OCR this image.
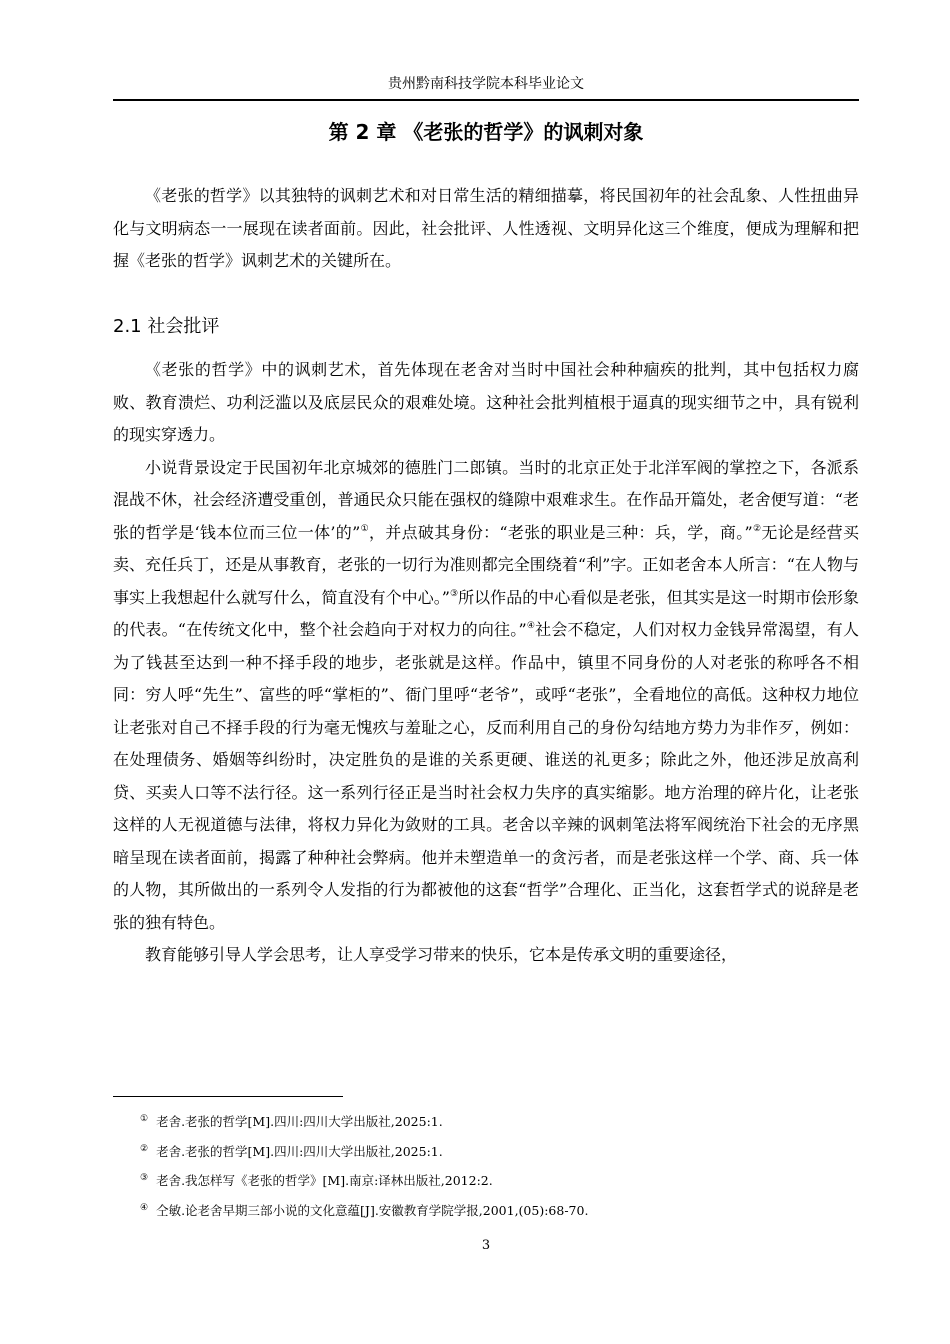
贵州黔南科技学院本科毕业论文
第 2 章 《老张的哲学》的讽刺对象

《老张的哲学》以其独特的讽刺艺术和对日常生活的精细描摹，将民国初年的社会乱象、人性扭曲异化与文明病态一一展现在读者面前。因此，社会批评、人性透视、文明异化这三个维度，便成为理解和把握《老张的哲学》讽刺艺术的关键所在。

2.1 社会批评

《老张的哲学》中的讽刺艺术，首先体现在老舍对当时中国社会种种痼疾的批判，其中包括权力腐败、教育溃烂、功利泛滥以及底层民众的艰难处境。这种社会批判植根于逼真的现实细节之中，具有锐利的现实穿透力。

小说背景设定于民国初年北京城郊的德胜门二郎镇。当时的北京正处于北洋军阀的掌控之下，各派系混战不休，社会经济遭受重创，普通民众只能在强权的缝隙中艰难求生。在作品开篇处，老舍便写道：“老张的哲学是‘钱本位而三位一体’的”①，并点破其身份：“老张的职业是三种：兵，学，商。”②无论是经营买卖、充任兵丁，还是从事教育，老张的一切行为准则都完全围绕着“利”字。正如老舍本人所言：“在人物与事实上我想起什么就写什么，简直没有个中心。”③所以作品的中心看似是老张，但其实是这一时期市侩形象的代表。“在传统文化中，整个社会趋向于对权力的向往。”④社会不稳定，人们对权力金钱异常渴望，有人为了钱甚至达到一种不择手段的地步，老张就是这样。作品中，镇里不同身份的人对老张的称呼各不相同：穷人呼“先生”、富些的呼“掌柜的”、衙门里呼“老爷”，或呼“老张”，全看地位的高低。这种权力地位让老张对自己不择手段的行为毫无愧疚与羞耻之心，反而利用自己的身份勾结地方势力为非作歹，例如：在处理债务、婚姻等纠纷时，决定胜负的是谁的关系更硬、谁送的礼更多；除此之外，他还涉足放高利贷、买卖人口等不法行径。这一系列行径正是当时社会权力失序的真实缩影。地方治理的碎片化，让老张这样的人无视道德与法律，将权力异化为敛财的工具。老舍以辛辣的讽刺笔法将军阀统治下社会的无序黑暗呈现在读者面前，揭露了种种社会弊病。他并未塑造单一的贪污者，而是老张这样一个学、商、兵一体的人物，其所做出的一系列令人发指的行为都被他的这套“哲学”合理化、正当化，这套哲学式的说辞是老张的独有特色。

教育能够引导人学会思考，让人享受学习带来的快乐，它本是传承文明的重要途径，

① 老舍.老张的哲学[M].四川:四川大学出版社,2025:1.
② 老舍.老张的哲学[M].四川:四川大学出版社,2025:1.
③ 老舍.我怎样写《老张的哲学》[M].南京:译林出版社,2012:2.
④ 仝敏.论老舍早期三部小说的文化意蕴[J].安徽教育学院学报,2001,(05):68-70.
3
